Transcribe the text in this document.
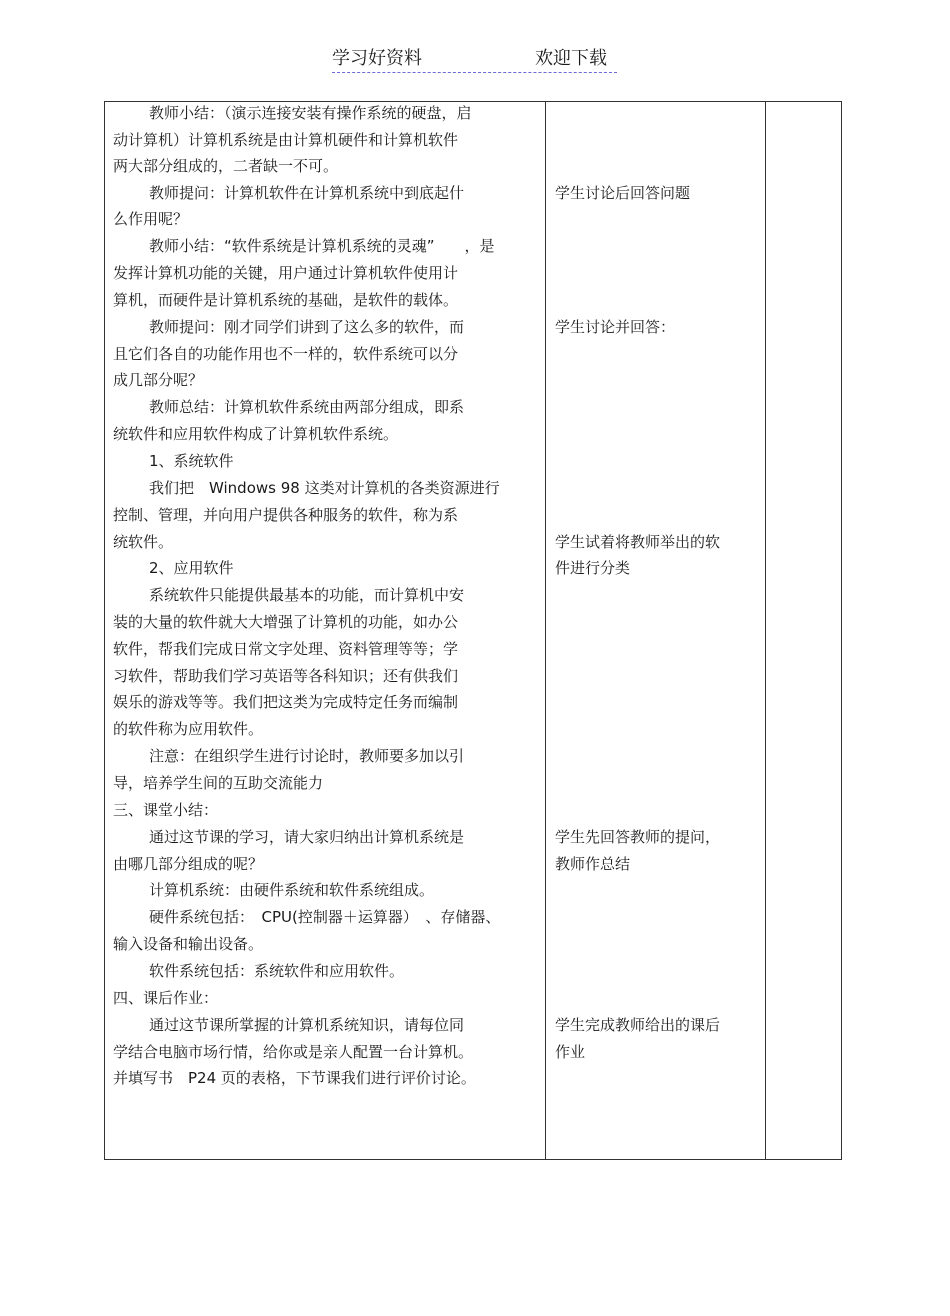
学习好资料	欢迎下载
教师小结：（演示连接安装有操作系统的硬盘，启
动计算机）计算机系统是由计算机硬件和计算机软件
两大部分组成的，二者缺一不可。
教师提问：计算机软件在计算机系统中到底起什
么作用呢？
教师小结：“软件系统是计算机系统的灵魂”　　，是
发挥计算机功能的关键，用户通过计算机软件使用计
算机，而硬件是计算机系统的基础，是软件的载体。
教师提问：刚才同学们讲到了这么多的软件，而
且它们各自的功能作用也不一样的，软件系统可以分
成几部分呢？
教师总结：计算机软件系统由两部分组成，即系
统软件和应用软件构成了计算机软件系统。
1、系统软件
我们把　Windows 98 这类对计算机的各类资源进行
控制、管理，并向用户提供各种服务的软件，称为系
统软件。
2、应用软件
系统软件只能提供最基本的功能，而计算机中安
装的大量的软件就大大增强了计算机的功能，如办公
软件，帮我们完成日常文字处理、资料管理等等；学
习软件，帮助我们学习英语等各科知识；还有供我们
娱乐的游戏等等。我们把这类为完成特定任务而编制
的软件称为应用软件。
注意：在组织学生进行讨论时，教师要多加以引
导，培养学生间的互助交流能力
三、课堂小结：
通过这节课的学习，请大家归纳出计算机系统是
由哪几部分组成的呢？
计算机系统：由硬件系统和软件系统组成。
硬件系统包括：　CPU(控制器＋运算器）　、存储器、
输入设备和输出设备。
软件系统包括：系统软件和应用软件。
四、课后作业：
通过这节课所掌握的计算机系统知识，请每位同
学结合电脑市场行情，给你或是亲人配置一台计算机。
并填写书　P24 页的表格，下节课我们进行评价讨论。
学生讨论后回答问题
学生讨论并回答：
学生试着将教师举出的软
件进行分类
学生先回答教师的提问，
教师作总结
学生完成教师给出的课后
作业
